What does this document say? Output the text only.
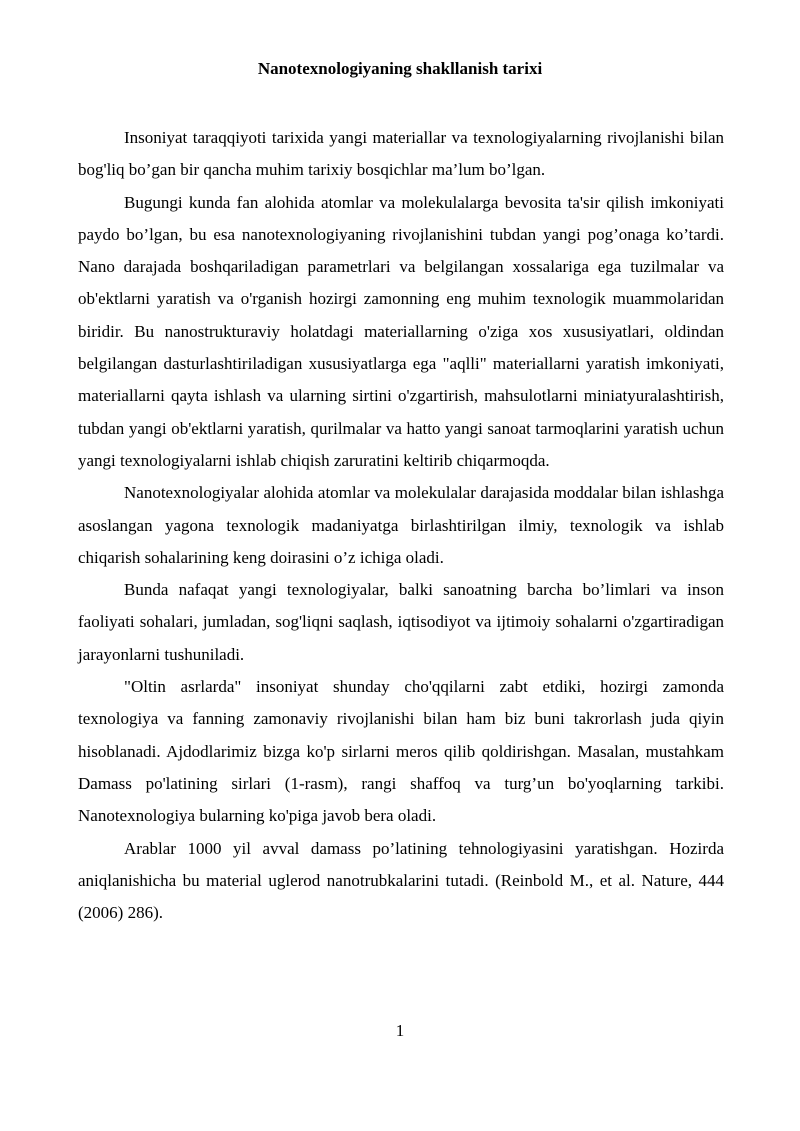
Nanotexnologiyaning shakllanish tarixi

Insoniyat taraqqiyoti tarixida yangi materiallar va texnologiyalarning rivojlanishi bilan bog'liq bo’gan bir qancha muhim tarixiy bosqichlar ma’lum bo’lgan.

Bugungi kunda fan alohida atomlar va molekulalarga bevosita ta'sir qilish imkoniyati paydo bo’lgan, bu esa nanotexnologiyaning rivojlanishini tubdan yangi pog’onaga ko’tardi. Nano darajada boshqariladigan parametrlari va belgilangan xossalariga ega tuzilmalar va ob'ektlarni yaratish va o'rganish hozirgi zamonning eng muhim texnologik muammolaridan biridir. Bu nanostrukturaviy holatdagi materiallarning o'ziga xos xususiyatlari, oldindan belgilangan dasturlashtiriladigan xususiyatlarga ega "aqlli" materiallarni yaratish imkoniyati, materiallarni qayta ishlash va ularning sirtini o'zgartirish, mahsulotlarni miniatyuralashtirish, tubdan yangi ob'ektlarni yaratish, qurilmalar va hatto yangi sanoat tarmoqlarini yaratish uchun yangi texnologiyalarni ishlab chiqish zaruratini keltirib chiqarmoqda.

Nanotexnologiyalar alohida atomlar va molekulalar darajasida moddalar bilan ishlashga asoslangan yagona texnologik madaniyatga birlashtirilgan ilmiy, texnologik va ishlab chiqarish sohalarining keng doirasini o’z ichiga oladi.

Bunda nafaqat yangi texnologiyalar, balki sanoatning barcha bo’limlari va inson faoliyati sohalari, jumladan, sog'liqni saqlash, iqtisodiyot va ijtimoiy sohalarni o'zgartiradigan jarayonlarni tushuniladi.

"Oltin asrlarda" insoniyat shunday cho'qqilarni zabt etdiki, hozirgi zamonda texnologiya va fanning zamonaviy rivojlanishi bilan ham biz buni takrorlash juda qiyin hisoblanadi. Ajdodlarimiz bizga ko'p sirlarni meros qilib qoldirishgan. Masalan, mustahkam Damass po'latining sirlari (1-rasm), rangi shaffoq va turg’un bo'yoqlarning tarkibi. Nanotexnologiya bularning ko'piga javob bera oladi.

Arablar 1000 yil avval damass po’latining tehnologiyasini yaratishgan. Hozirda aniqlanishicha bu material uglerod nanotrubkalarini tutadi. (Reinbold M., et al. Nature, 444 (2006) 286).

1
